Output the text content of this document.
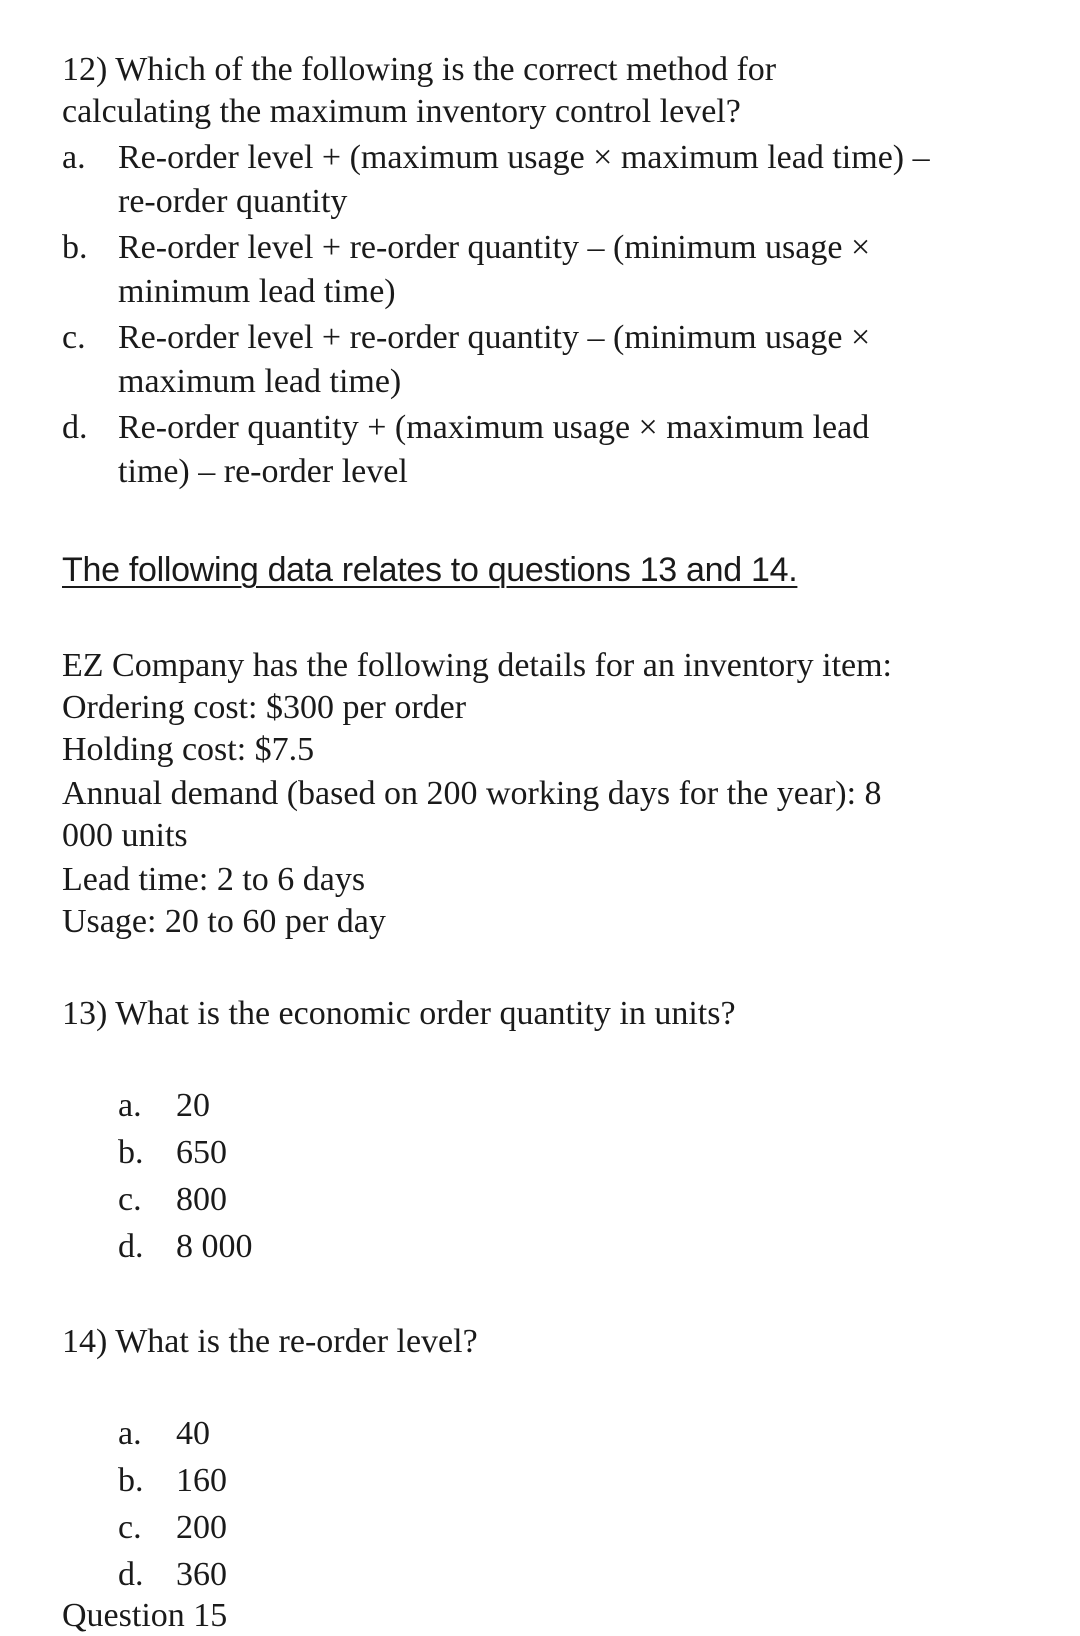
12) Which of the following is the correct method for
calculating the maximum inventory control level?
a. Re-order level + (maximum usage × maximum lead time) –
re-order quantity
b. Re-order level + re-order quantity – (minimum usage ×
minimum lead time)
c. Re-order level + re-order quantity – (minimum usage ×
maximum lead time)
d. Re-order quantity + (maximum usage × maximum lead
time) – re-order level
The following data relates to questions 13 and 14.
EZ Company has the following details for an inventory item:
Ordering cost: $300 per order
Holding cost: $7.5
Annual demand (based on 200 working days for the year): 8
000 units
Lead time: 2 to 6 days
Usage: 20 to 60 per day
13) What is the economic order quantity in units?
a. 20
b. 650
c. 800
d. 8 000
14) What is the re-order level?
a. 40
b. 160
c. 200
d. 360
Question 15
